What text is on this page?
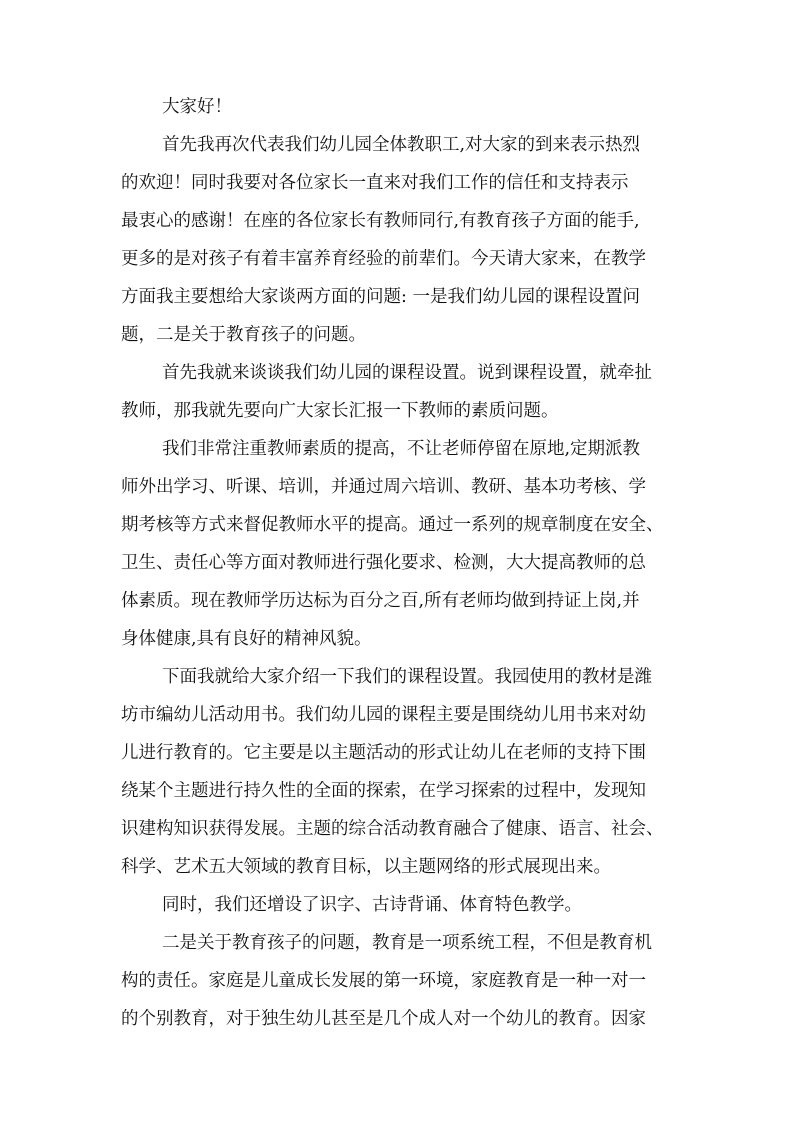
大家好！
首先我再次代表我们幼儿园全体教职工,对大家的到来表示热烈
的欢迎！同时我要对各位家长一直来对我们工作的信任和支持表示
最衷心的感谢！在座的各位家长有教师同行,有教育孩子方面的能手,
更多的是对孩子有着丰富养育经验的前辈们。今天请大家来，在教学
方面我主要想给大家谈两方面的问题: 一是我们幼儿园的课程设置问
题，二是关于教育孩子的问题。
首先我就来谈谈我们幼儿园的课程设置。说到课程设置，就牵扯
教师，那我就先要向广大家长汇报一下教师的素质问题。
我们非常注重教师素质的提高，不让老师停留在原地,定期派教
师外出学习、听课、培训，并通过周六培训、教研、基本功考核、学
期考核等方式来督促教师水平的提高。通过一系列的规章制度在安全、
卫生、责任心等方面对教师进行强化要求、检测，大大提高教师的总
体素质。现在教师学历达标为百分之百,所有老师均做到持证上岗,并
身体健康,具有良好的精神风貌。
下面我就给大家介绍一下我们的课程设置。我园使用的教材是潍
坊市编幼儿活动用书。我们幼儿园的课程主要是围绕幼儿用书来对幼
儿进行教育的。它主要是以主题活动的形式让幼儿在老师的支持下围
绕某个主题进行持久性的全面的探索，在学习探索的过程中，发现知
识建构知识获得发展。主题的综合活动教育融合了健康、语言、社会、
科学、艺术五大领域的教育目标，以主题网络的形式展现出来。
同时，我们还增设了识字、古诗背诵、体育特色教学。
二是关于教育孩子的问题，教育是一项系统工程，不但是教育机
构的责任。家庭是儿童成长发展的第一环境，家庭教育是一种一对一
的个别教育，对于独生幼儿甚至是几个成人对一个幼儿的教育。因家
